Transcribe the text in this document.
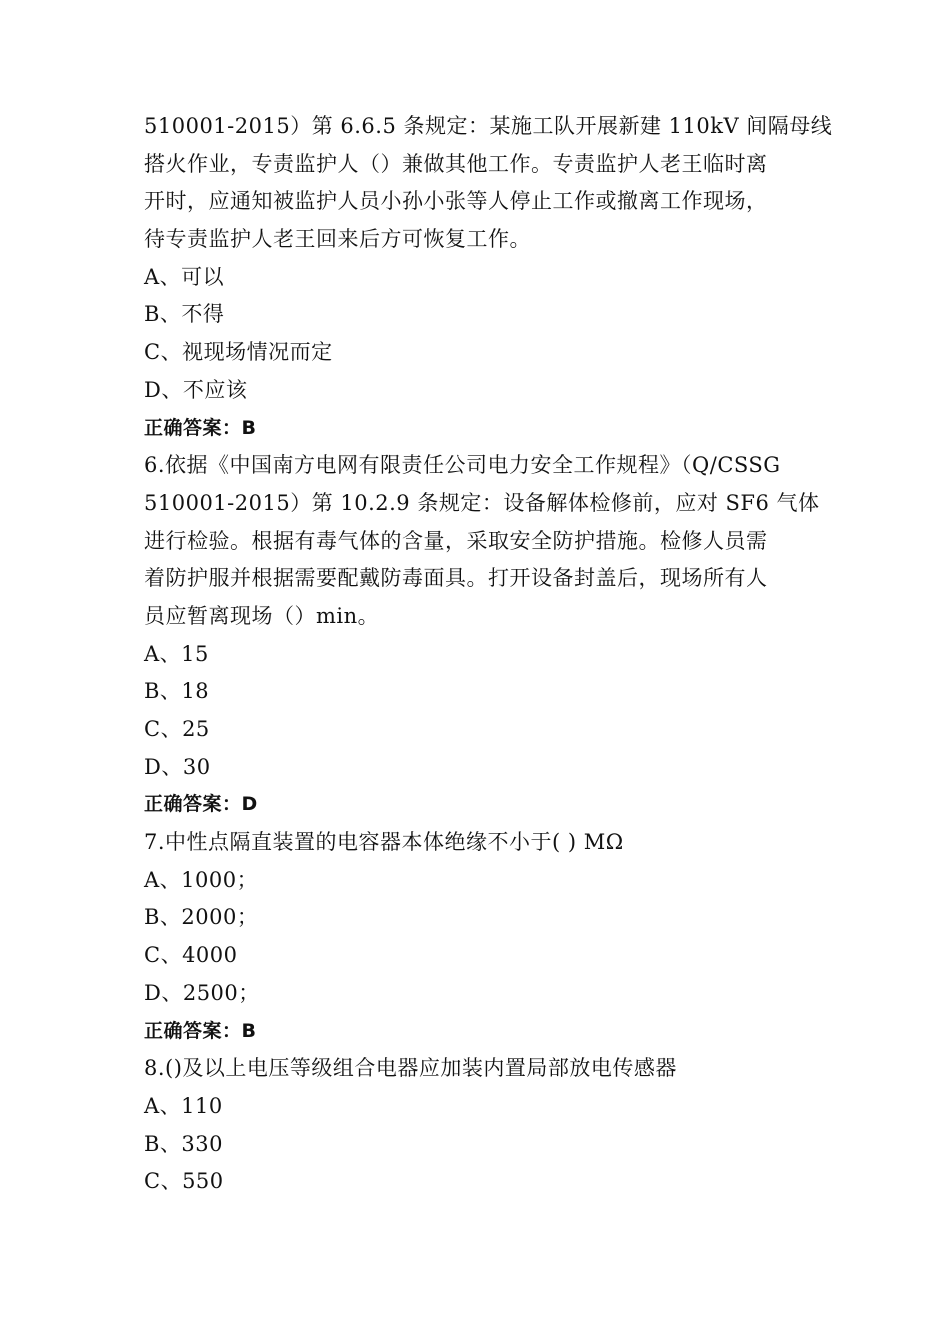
510001-2015）第 6.6.5 条规定：某施工队开展新建 110kV 间隔母线
搭火作业，专责监护人（）兼做其他工作。专责监护人老王临时离
开时，应通知被监护人员小孙小张等人停止工作或撤离工作现场，
待专责监护人老王回来后方可恢复工作。
A、可以
B、不得
C、视现场情况而定
D、不应该
正确答案：B
6.依据《中国南方电网有限责任公司电力安全工作规程》（Q/CSSG
510001-2015）第 10.2.9 条规定：设备解体检修前，应对 SF6 气体
进行检验。根据有毒气体的含量，采取安全防护措施。检修人员需
着防护服并根据需要配戴防毒面具。打开设备封盖后，现场所有人
员应暂离现场（）min。
A、15
B、18
C、25
D、30
正确答案：D
7.中性点隔直装置的电容器本体绝缘不小于( ) MΩ
A、1000；
B、2000；
C、4000
D、2500；
正确答案：B
8.()及以上电压等级组合电器应加装内置局部放电传感器
A、110
B、330
C、550
